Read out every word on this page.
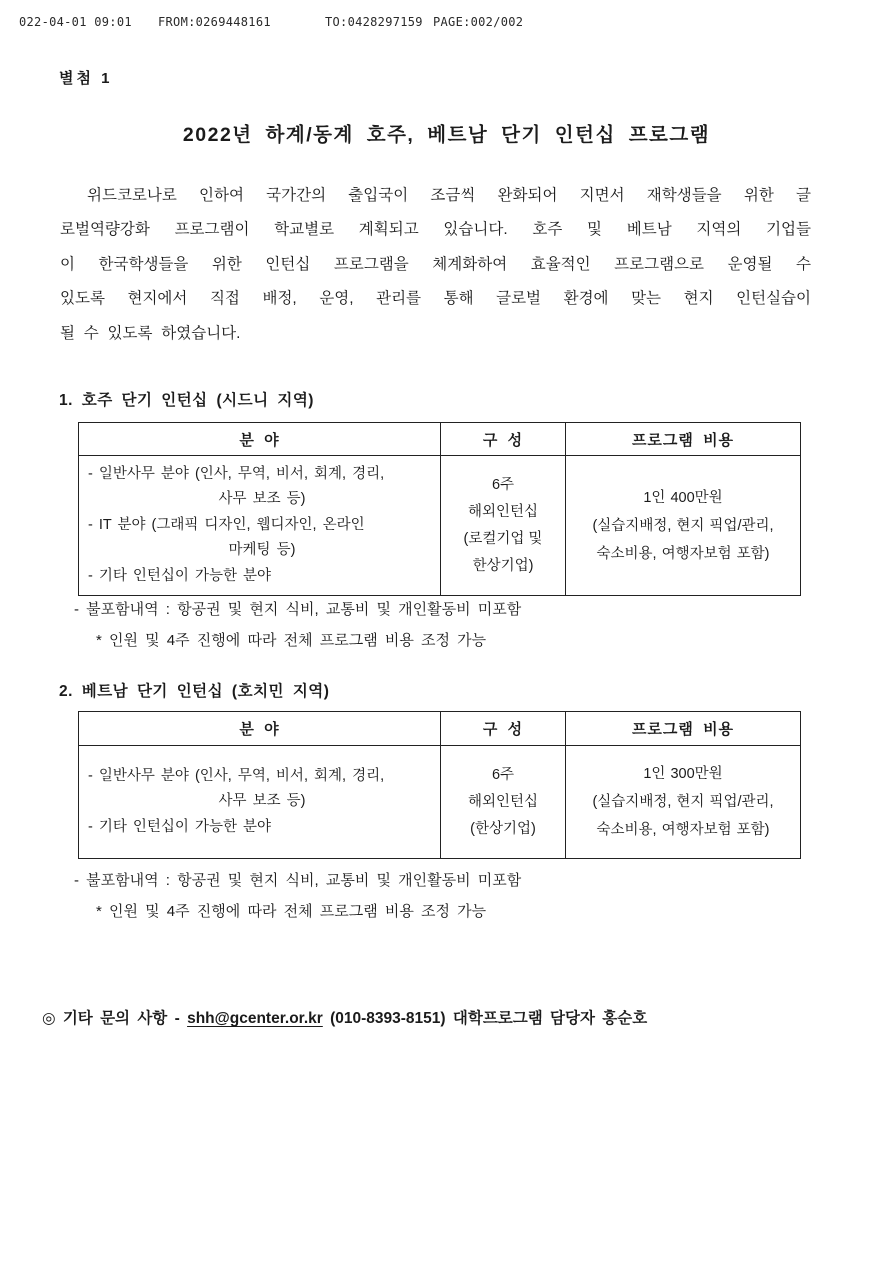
022-04-01 09:01 FROM:0269448161	TO:0428297159 PAGE:002/002
별첨 1
2022년 하계/동계 호주, 베트남 단기 인턴십 프로그램
위드코로나로 인하여 국가간의 출입국이 조금씩 완화되어 지면서 재학생들을 위한 글
로벌역량강화 프로그램이 학교별로 계획되고 있습니다. 호주 및 베트남 지역의 기업들
이 한국학생들을 위한 인턴십 프로그램을 체계화하여 효율적인 프로그램으로 운영될 수
있도록 현지에서 직접 배정, 운영, 관리를 통해 글로벌 환경에 맞는 현지 인턴실습이
될 수 있도록 하였습니다.
1. 호주 단기 인턴십 (시드니 지역)
분 야	구 성	프로그램 비용

- 일반사무 분야 (인사, 무역, 비서, 회계, 경리,
사무 보조 등)
- IT 분야 (그래픽 디자인, 웹디자인, 온라인
마케팅 등)
- 기타 인턴십이 가능한 분야

6주
해외인턴십
(로컬기업 및
한상기업)

1인 400만원
(실습지배정, 현지 픽업/관리,
숙소비용, 여행자보험 포함)
- 불포함내역 : 항공권 및 현지 식비, 교통비 및 개인활동비 미포함
* 인원 및 4주 진행에 따라 전체 프로그램 비용 조정 가능
2. 베트남 단기 인턴십 (호치민 지역)
분 야	구 성	프로그램 비용

- 일반사무 분야 (인사, 무역, 비서, 회계, 경리,
사무 보조 등)
- 기타 인턴십이 가능한 분야

6주
해외인턴십
(한상기업)

1인 300만원
(실습지배정, 현지 픽업/관리,
숙소비용, 여행자보험 포함)
- 불포함내역 : 항공권 및 현지 식비, 교통비 및 개인활동비 미포함
* 인원 및 4주 진행에 따라 전체 프로그램 비용 조정 가능
◎ 기타 문의 사항 - shh@gcenter.or.kr (010-8393-8151) 대학프로그램 담당자 홍순호
